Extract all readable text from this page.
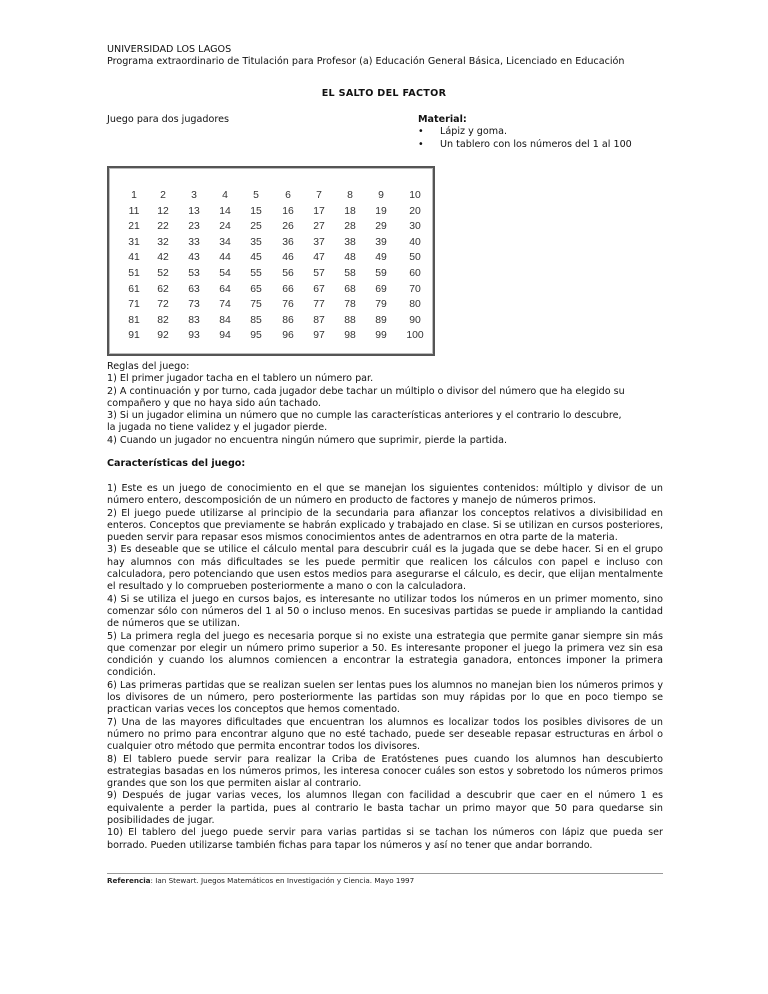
UNIVERSIDAD LOS LAGOS
Programa extraordinario de Titulación para Profesor (a) Educación General Básica, Licenciado en Educación
EL SALTO DEL FACTOR
Juego para dos jugadores	Material:
• Lápiz y goma.
• Un tablero con los números del 1 al 100
1	2	3	4	5	6	7	8	9	10
11	12	13	14	15	16	17	18	19	20
21	22	23	24	25	26	27	28	29	30
31	32	33	34	35	36	37	38	39	40
41	42	43	44	45	46	47	48	49	50
51	52	53	54	55	56	57	58	59	60
61	62	63	64	65	66	67	68	69	70
71	72	73	74	75	76	77	78	79	80
81	82	83	84	85	86	87	88	89	90
91	92	93	94	95	96	97	98	99	100
Reglas del juego:
1) El primer jugador tacha en el tablero un número par.
2) A continuación y por turno, cada jugador debe tachar un múltiplo o divisor del número que ha elegido su
compañero y que no haya sido aún tachado.
3) Si un jugador elimina un número que no cumple las características anteriores y el contrario lo descubre,
la jugada no tiene validez y el jugador pierde.
4) Cuando un jugador no encuentra ningún número que suprimir, pierde la partida.
Características del juego:

1) Este es un juego de conocimiento en el que se manejan los siguientes contenidos: múltiplo y divisor de un número entero, descomposición de un número en producto de factores y manejo de números primos.

2) El juego puede utilizarse al principio de la secundaria para afianzar los conceptos relativos a divisibilidad en enteros. Conceptos que previamente se habrán explicado y trabajado en clase. Si se utilizan en cursos posteriores, pueden servir para repasar esos mismos conocimientos antes de adentrarnos en otra parte de la materia.

3) Es deseable que se utilice el cálculo mental para descubrir cuál es la jugada que se debe hacer. Si en el grupo hay alumnos con más dificultades se les puede permitir que realicen los cálculos con papel e incluso con calculadora, pero potenciando que usen estos medios para asegurarse el cálculo, es decir, que elijan mentalmente el resultado y lo comprueben posteriormente a mano o con la calculadora.

4) Si se utiliza el juego en cursos bajos, es interesante no utilizar todos los números en un primer momento, sino comenzar sólo con números del 1 al 50 o incluso menos. En sucesivas partidas se puede ir ampliando la cantidad de números que se utilizan.

5) La primera regla del juego es necesaria porque si no existe una estrategia que permite ganar siempre sin más que comenzar por elegir un número primo superior a 50. Es interesante proponer el juego la primera vez sin esa condición y cuando los alumnos comiencen a encontrar la estrategia ganadora, entonces imponer la primera condición.

6) Las primeras partidas que se realizan suelen ser lentas pues los alumnos no manejan bien los números primos y los divisores de un número, pero posteriormente las partidas son muy rápidas por lo que en poco tiempo se practican varias veces los conceptos que hemos comentado.

7) Una de las mayores dificultades que encuentran los alumnos es localizar todos los posibles divisores de un número no primo para encontrar alguno que no esté tachado, puede ser deseable repasar estructuras en árbol o cualquier otro método que permita encontrar todos los divisores.

8) El tablero puede servir para realizar la Criba de Eratóstenes pues cuando los alumnos han descubierto estrategias basadas en los números primos, les interesa conocer cuáles son estos y sobretodo los números primos grandes que son los que permiten aislar al contrario.

9) Después de jugar varias veces, los alumnos llegan con facilidad a descubrir que caer en el número 1 es equivalente a perder la partida, pues al contrario le basta tachar un primo mayor que 50 para quedarse sin posibilidades de jugar.

10) El tablero del juego puede servir para varias partidas si se tachan los números con lápiz que pueda ser borrado. Pueden utilizarse también fichas para tapar los números y así no tener que andar borrando.

Referencia: Ian Stewart. Juegos Matemáticos en Investigación y Ciencia. Mayo 1997
